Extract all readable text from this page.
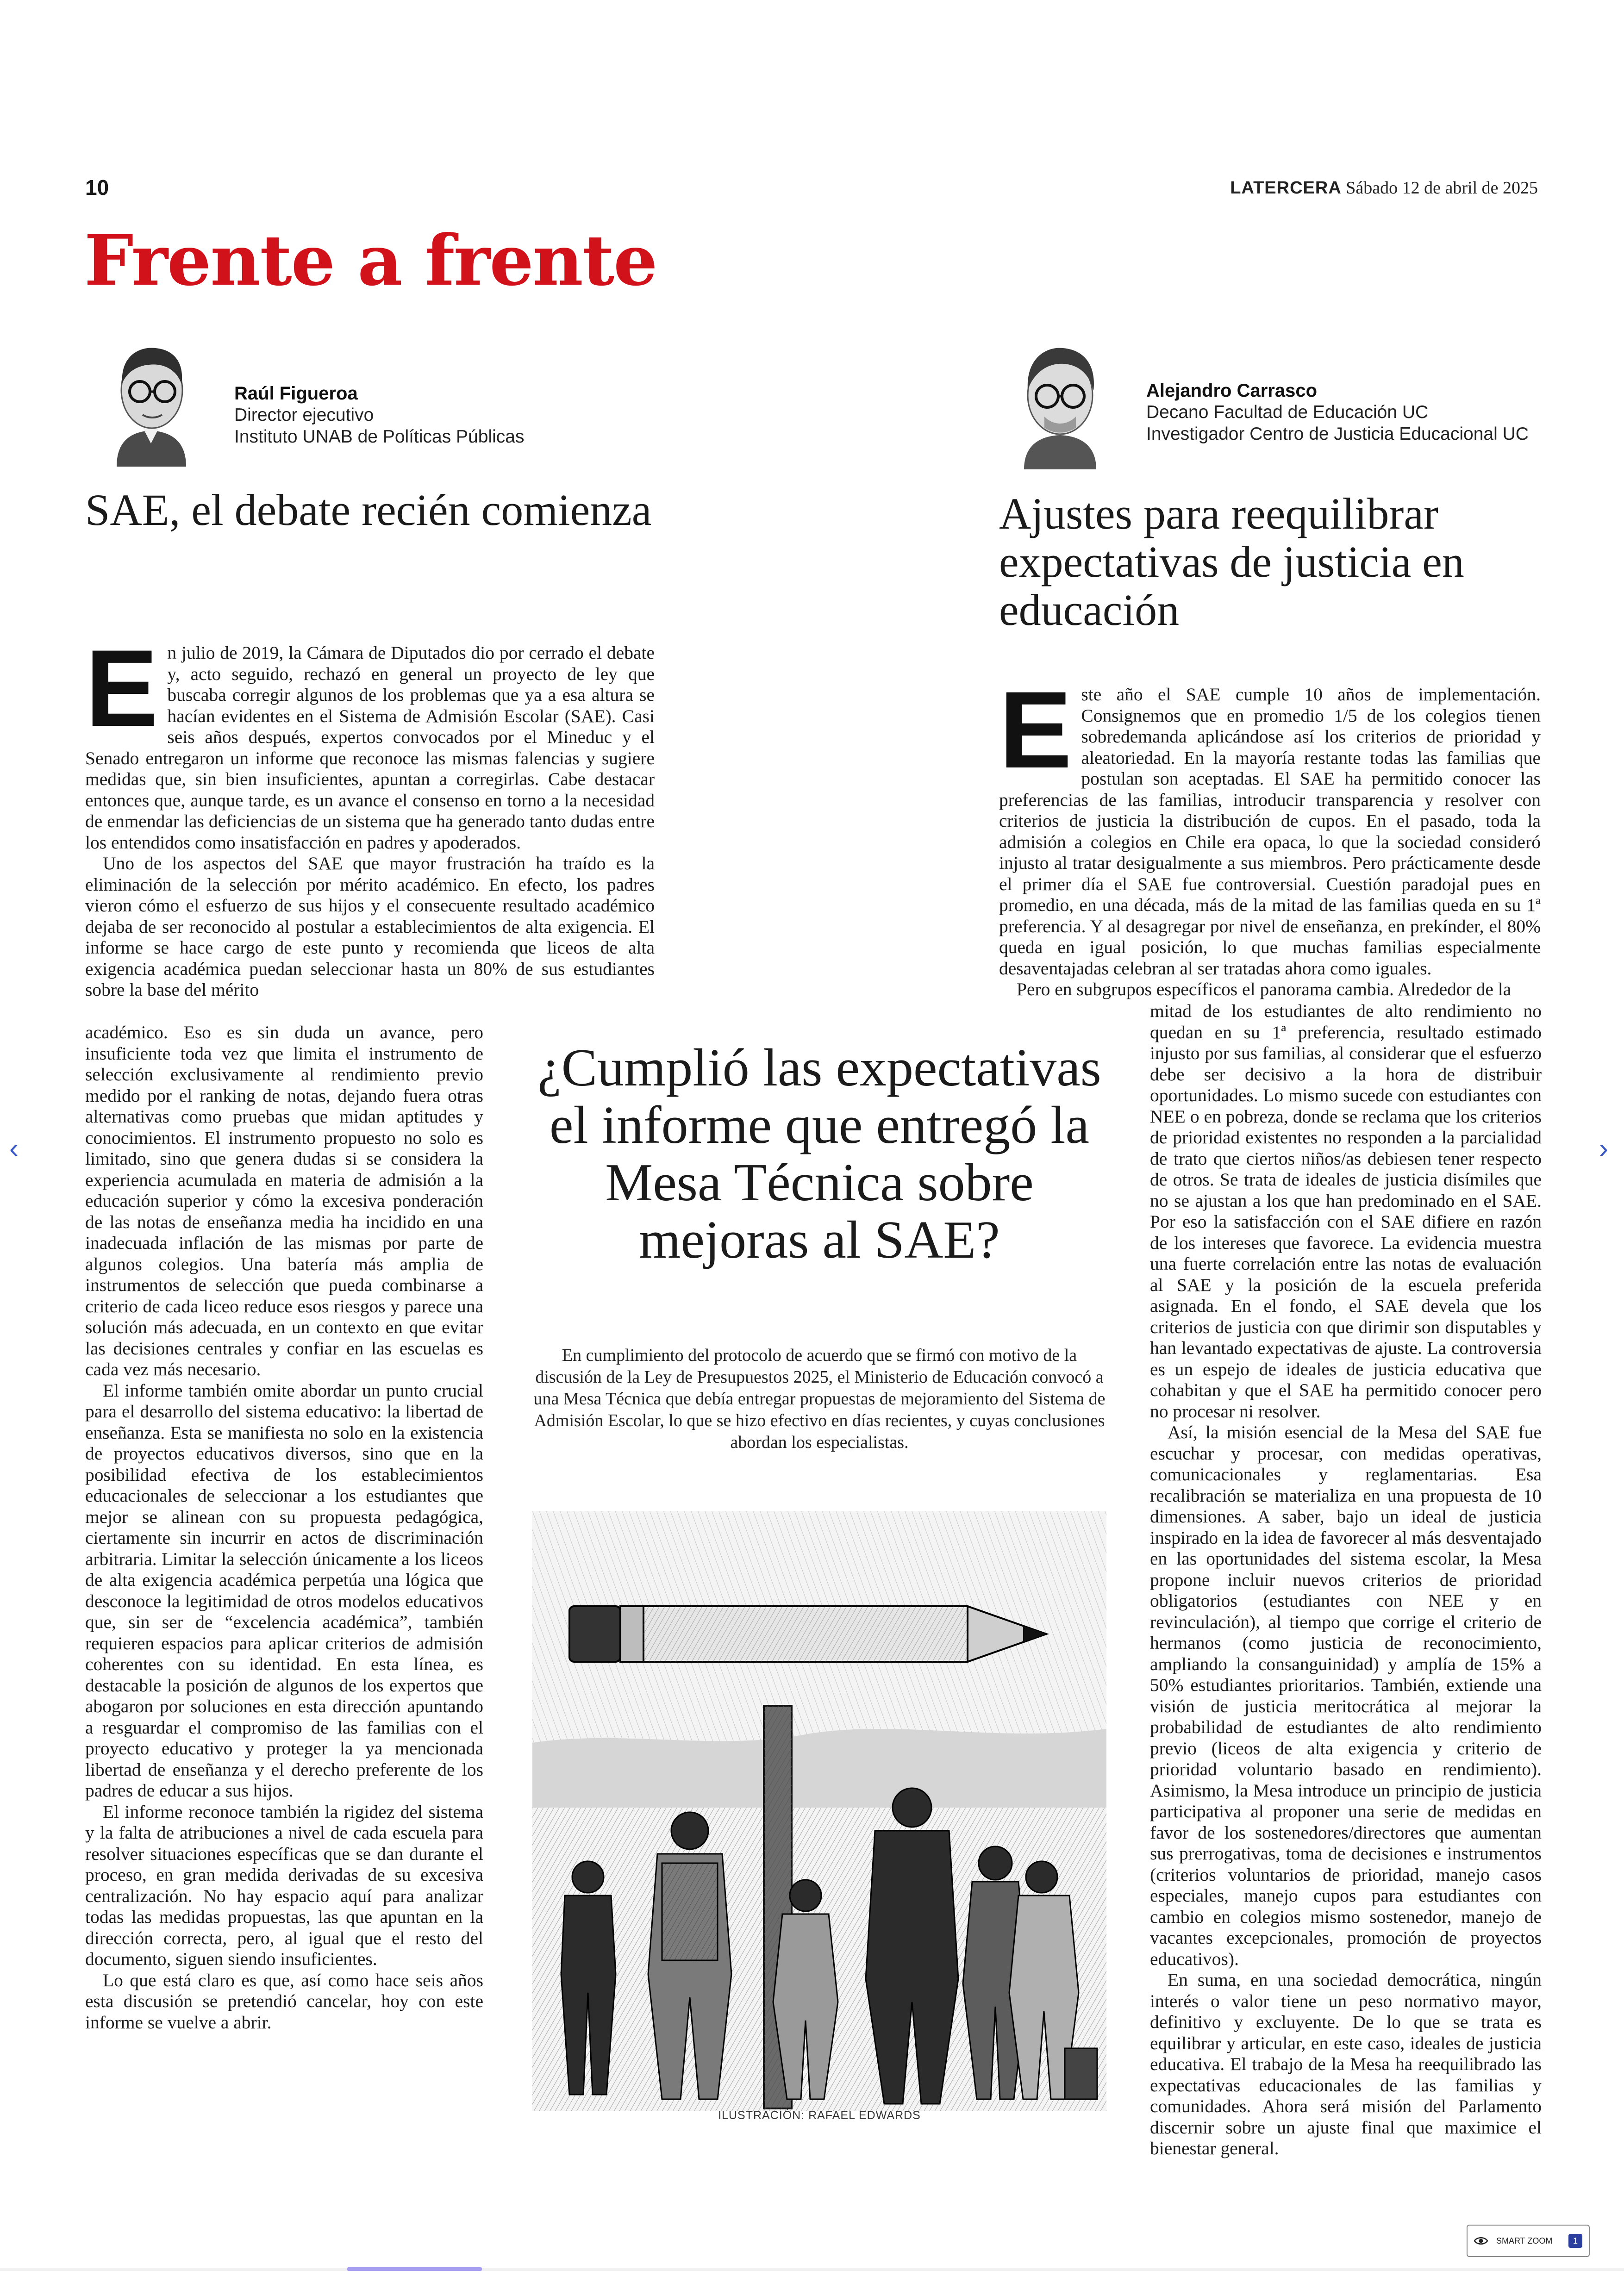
10	LATERCERA Sábado 12 de abril de 2025
Frente a frente
Raúl Figueroa
Director ejecutivo
Instituto UNAB de Políticas Públicas
Alejandro Carrasco
Decano Facultad de Educación UC
Investigador Centro de Justicia Educacional UC
SAE, el debate recién comienza	Ajustes para reequilibrar expectativas de justicia en educación
E n julio de 2019, la Cámara de Diputados dio por cerrado el debate y, acto seguido, rechazó en general un proyecto de ley que buscaba corregir algunos de los problemas que ya a esa altura se hacían evidentes en el Sistema de Admisión Escolar (SAE). Casi seis años después, expertos convocados por el Mineduc y el Senado entregaron un informe que reconoce las mismas falencias y sugiere medidas que, sin bien insuficientes, apuntan a corregirlas. Cabe destacar entonces que, aunque tarde, es un avance el consenso en torno a la necesidad de enmendar las deficiencias de un sistema que ha generado tanto dudas entre los entendidos como insatisfacción en padres y apoderados.

Uno de los aspectos del SAE que mayor frustración ha traído es la eliminación de la selección por mérito académico. En efecto, los padres vieron cómo el esfuerzo de sus hijos y el consecuente resultado académico dejaba de ser reconocido al postular a establecimientos de alta exigencia. El informe se hace cargo de este punto y recomienda que liceos de alta exigencia académica puedan seleccionar hasta un 80% de sus estudiantes sobre la base del mérito

académico. Eso es sin duda un avance, pero insuficiente toda vez que limita el instrumento de selección exclusivamente al rendimiento previo medido por el ranking de notas, dejando fuera otras alternativas como pruebas que midan aptitudes y conocimientos. El instrumento propuesto no solo es limitado, sino que genera dudas si se considera la experiencia acumulada en materia de admisión a la educación superior y cómo la excesiva ponderación de las notas de enseñanza media ha incidido en una inadecuada inflación de las mismas por parte de algunos colegios. Una batería más amplia de instrumentos de selección que pueda combinarse a criterio de cada liceo reduce esos riesgos y parece una solución más adecuada, en un contexto en que evitar las decisiones centrales y confiar en las escuelas es cada vez más necesario.

El informe también omite abordar un punto crucial para el desarrollo del sistema educativo: la libertad de enseñanza. Esta se manifiesta no solo en la existencia de proyectos educativos diversos, sino que en la posibilidad efectiva de los establecimientos educacionales de seleccionar a los estudiantes que mejor se alinean con su propuesta pedagógica, ciertamente sin incurrir en actos de discriminación arbitraria. Limitar la selección únicamente a los liceos de alta exigencia académica perpetúa una lógica que desconoce la legitimidad de otros modelos educativos que, sin ser de “excelencia académica”, también requieren espacios para aplicar criterios de admisión coherentes con su identidad. En esta línea, es destacable la posición de algunos de los expertos que abogaron por soluciones en esta dirección apuntando a resguardar el compromiso de las familias con el proyecto educativo y proteger la ya mencionada libertad de enseñanza y el derecho preferente de los padres de educar a sus hijos.

El informe reconoce también la rigidez del sistema y la falta de atribuciones a nivel de cada escuela para resolver situaciones específicas que se dan durante el proceso, en gran medida derivadas de su excesiva centralización. No hay espacio aquí para analizar todas las medidas propuestas, las que apuntan en la dirección correcta, pero, al igual que el resto del documento, siguen siendo insuficientes.

Lo que está claro es que, así como hace seis años esta discusión se pretendió cancelar, hoy con este informe se vuelve a abrir.

E ste año el SAE cumple 10 años de implementación. Consignemos que en promedio 1/5 de los colegios tienen sobredemanda aplicándose así los criterios de prioridad y aleatoriedad. En la mayoría restante todas las familias que postulan son aceptadas. El SAE ha permitido conocer las preferencias de las familias, introducir transparencia y resolver con criterios de justicia la distribución de cupos. En el pasado, toda la admisión a colegios en Chile era opaca, lo que la sociedad consideró injusto al tratar desigualmente a sus miembros. Pero prácticamente desde el primer día el SAE fue controversial. Cuestión paradojal pues en promedio, en una década, más de la mitad de las familias queda en su 1ª preferencia. Y al desagregar por nivel de enseñanza, en prekínder, el 80% queda en igual posición, lo que muchas familias especialmente desaventajadas celebran al ser tratadas ahora como iguales.

Pero en subgrupos específicos el panorama cambia. Alrededor de la

mitad de los estudiantes de alto rendimiento no quedan en su 1ª preferencia, resultado estimado injusto por sus familias, al considerar que el esfuerzo debe ser decisivo a la hora de distribuir oportunidades. Lo mismo sucede con estudiantes con NEE o en pobreza, donde se reclama que los criterios de prioridad existentes no responden a la parcialidad de trato que ciertos niños/as debiesen tener respecto de otros. Se trata de ideales de justicia disímiles que no se ajustan a los que han predominado en el SAE. Por eso la satisfacción con el SAE difiere en razón de los intereses que favorece. La evidencia muestra una fuerte correlación entre las notas de evaluación al SAE y la posición de la escuela preferida asignada. En el fondo, el SAE devela que los criterios de justicia con que dirimir son disputables y han levantado expectativas de ajuste. La controversia es un espejo de ideales de justicia educativa que cohabitan y que el SAE ha permitido conocer pero no procesar ni resolver.

Así, la misión esencial de la Mesa del SAE fue escuchar y procesar, con medidas operativas, comunicacionales y reglamentarias. Esa recalibración se materializa en una propuesta de 10 dimensiones. A saber, bajo un ideal de justicia inspirado en la idea de favorecer al más desventajado en las oportunidades del sistema escolar, la Mesa propone incluir nuevos criterios de prioridad obligatorios (estudiantes con NEE y en revinculación), al tiempo que corrige el criterio de hermanos (como justicia de reconocimiento, ampliando la consanguinidad) y amplía de 15% a 50% estudiantes prioritarios. También, extiende una visión de justicia meritocrática al mejorar la probabilidad de estudiantes de alto rendimiento previo (liceos de alta exigencia y criterio de prioridad voluntario basado en rendimiento). Asimismo, la Mesa introduce un principio de justicia participativa al proponer una serie de medidas en favor de los sostenedores/directores que aumentan sus prerrogativas, toma de decisiones e instrumentos (criterios voluntarios de prioridad, manejo casos especiales, manejo cupos para estudiantes con cambio en colegios mismo sostenedor, manejo de vacantes excepcionales, promoción de proyectos educativos).

En suma, en una sociedad democrática, ningún interés o valor tiene un peso normativo mayor, definitivo y excluyente. De lo que se trata es equilibrar y articular, en este caso, ideales de justicia educativa. El trabajo de la Mesa ha reequilibrado las expectativas educacionales de las familias y comunidades. Ahora será misión del Parlamento discernir sobre un ajuste final que maximice el bienestar general.

¿Cumplió las expectativas el informe que entregó la Mesa Técnica sobre mejoras al SAE?
En cumplimiento del protocolo de acuerdo que se firmó con motivo de la discusión de la Ley de Presupuestos 2025, el Ministerio de Educación convocó a una Mesa Técnica que debía entregar propuestas de mejoramiento del Sistema de Admisión Escolar, lo que se hizo efectivo en días recientes, y cuyas conclusiones abordan los especialistas.
ILUSTRACIÓN: RAFAEL EDWARDS
‹	›
SMART ZOOM	1
